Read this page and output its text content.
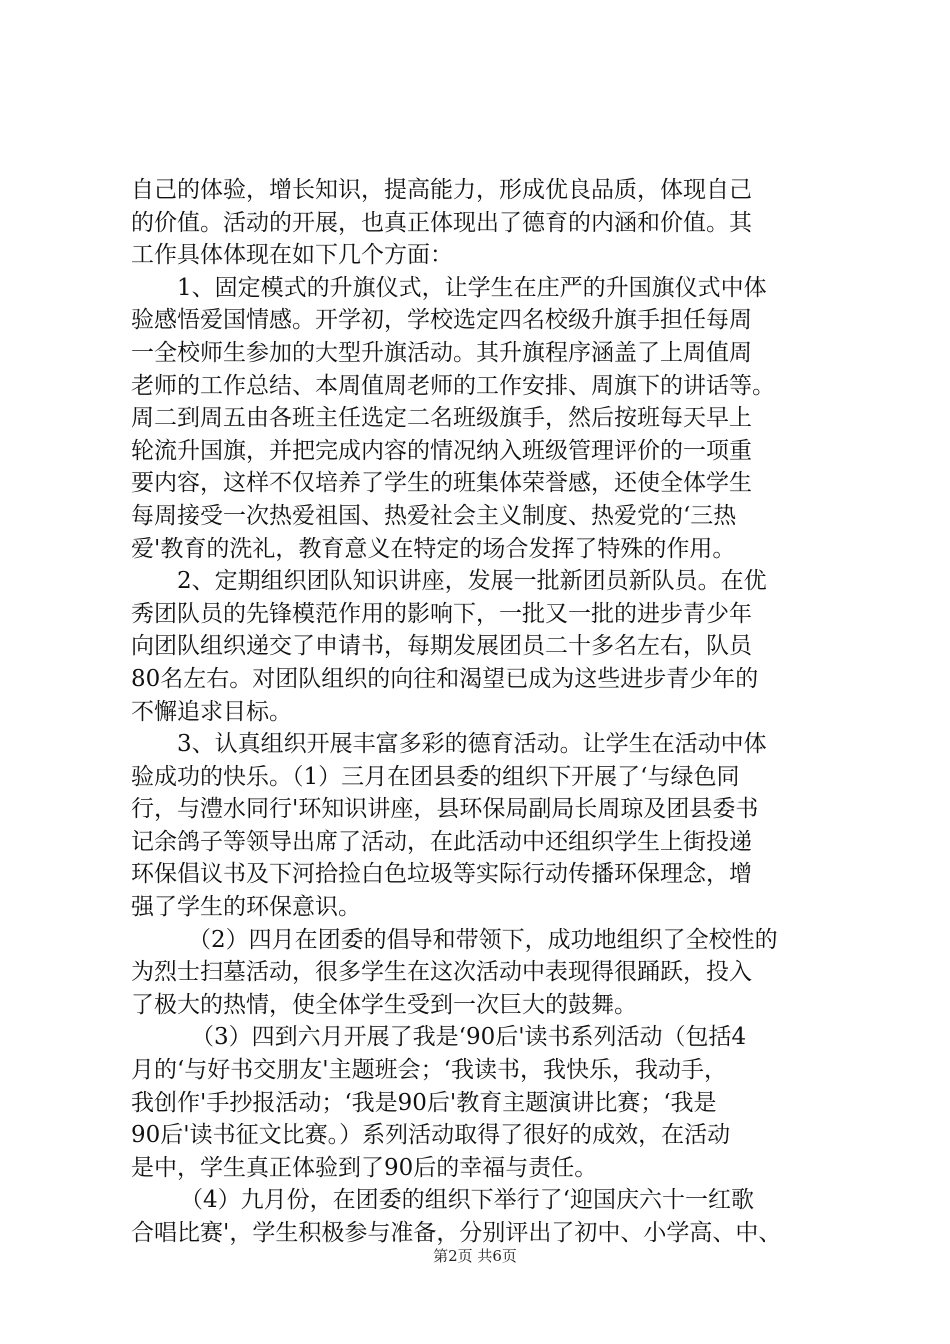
自己的体验，增长知识，提高能力，形成优良品质，体现自己
的价值。活动的开展，也真正体现出了德育的内涵和价值。其
工作具体体现在如下几个方面：
1、固定模式的升旗仪式，让学生在庄严的升国旗仪式中体
验感悟爱国情感。开学初，学校选定四名校级升旗手担任每周
一全校师生参加的大型升旗活动。其升旗程序涵盖了上周值周
老师的工作总结、本周值周老师的工作安排、周旗下的讲话等。
周二到周五由各班主任选定二名班级旗手，然后按班每天早上
轮流升国旗，并把完成内容的情况纳入班级管理评价的一项重
要内容，这样不仅培养了学生的班集体荣誉感，还使全体学生
每周接受一次热爱祖国、热爱社会主义制度、热爱党的‘三热
爱'教育的洗礼，教育意义在特定的场合发挥了特殊的作用。
2、定期组织团队知识讲座，发展一批新团员新队员。在优
秀团队员的先锋模范作用的影响下，一批又一批的进步青少年
向团队组织递交了申请书，每期发展团员二十多名左右，队员
80名左右。对团队组织的向往和渴望已成为这些进步青少年的
不懈追求目标。
3、认真组织开展丰富多彩的德育活动。让学生在活动中体
验成功的快乐。（1）三月在团县委的组织下开展了‘与绿色同
行，与澧水同行'环知识讲座，县环保局副局长周琼及团县委书
记余鸽子等领导出席了活动，在此活动中还组织学生上街投递
环保倡议书及下河拾捡白色垃圾等实际行动传播环保理念，增
强了学生的环保意识。
（2）四月在团委的倡导和带领下，成功地组织了全校性的
为烈士扫墓活动，很多学生在这次活动中表现得很踊跃，投入
了极大的热情，使全体学生受到一次巨大的鼓舞。
（3）四到六月开展了我是‘90后'读书系列活动（包括4
月的‘与好书交朋友'主题班会；‘我读书，我快乐，我动手，
我创作'手抄报活动；‘我是90后'教育主题演讲比赛；‘我是
90后'读书征文比赛。）系列活动取得了很好的成效，在活动
是中，学生真正体验到了90后的幸福与责任。
（4）九月份，在团委的组织下举行了‘迎国庆六十一红歌
合唱比赛'，学生积极参与准备，分别评出了初中、小学高、中、
第2页 共6页
